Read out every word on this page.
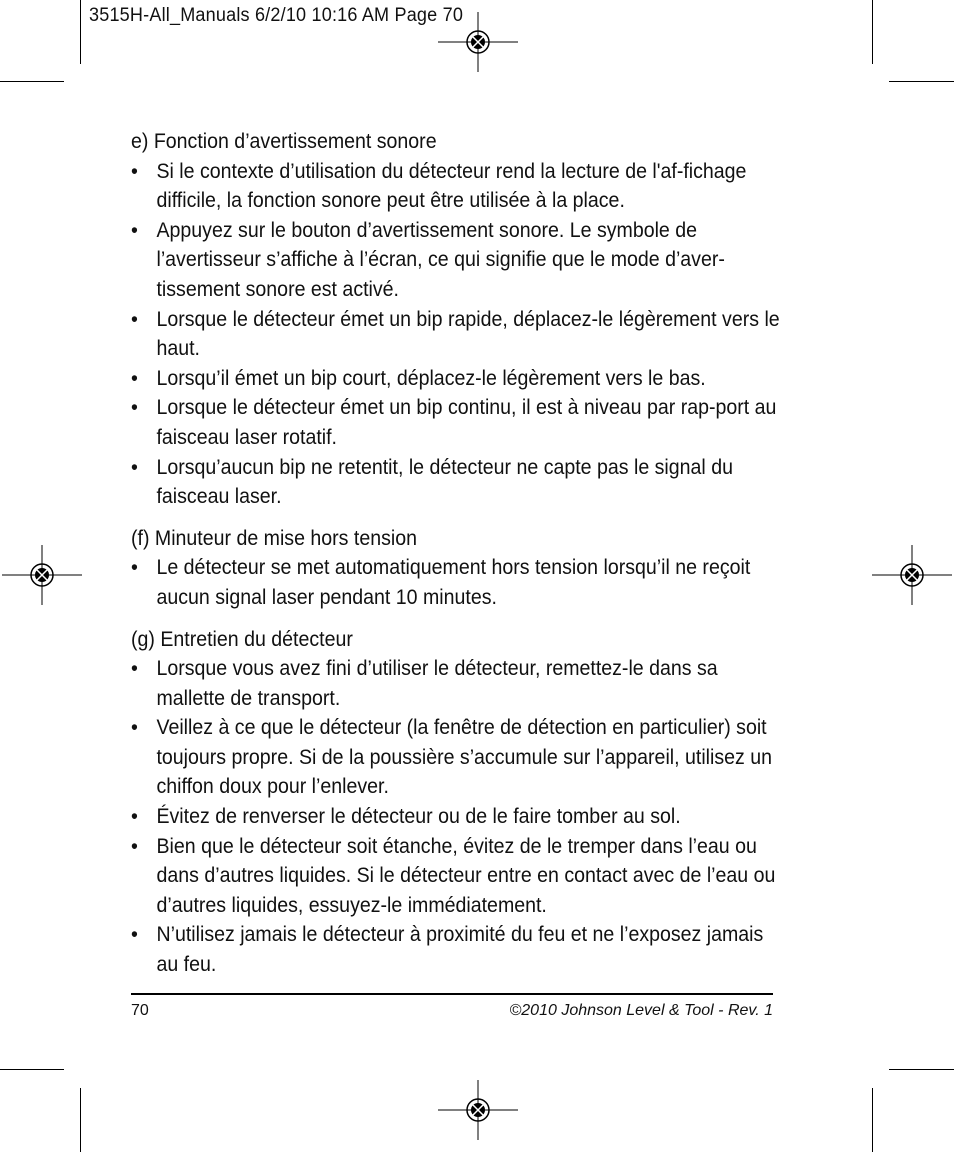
3515H-All_Manuals 6/2/10 10:16 AM Page 70

e) Fonction d’avertissement sonore

• Si le contexte d’utilisation du détecteur rend la lecture de l'af-fichage difficile, la fonction sonore peut être utilisée à la place.
• Appuyez sur le bouton d’avertissement sonore. Le symbole de l’avertisseur s’affiche à l’écran, ce qui signifie que le mode d’aver-tissement sonore est activé.
• Lorsque le détecteur émet un bip rapide, déplacez-le légèrement vers le haut.
• Lorsqu’il émet un bip court, déplacez-le légèrement vers le bas.
• Lorsque le détecteur émet un bip continu, il est à niveau par rap-port au faisceau laser rotatif.
• Lorsqu’aucun bip ne retentit, le détecteur ne capte pas le signal du faisceau laser.

(f) Minuteur de mise hors tension

• Le détecteur se met automatiquement hors tension lorsqu’il ne reçoit aucun signal laser pendant 10 minutes.

(g) Entretien du détecteur

• Lorsque vous avez fini d’utiliser le détecteur, remettez-le dans sa mallette de transport.
• Veillez à ce que le détecteur (la fenêtre de détection en particulier) soit toujours propre. Si de la poussière s’accumule sur l’appareil, utilisez un chiffon doux pour l’enlever.
• Évitez de renverser le détecteur ou de le faire tomber au sol.
• Bien que le détecteur soit étanche, évitez de le tremper dans l’eau ou dans d’autres liquides. Si le détecteur entre en contact avec de l’eau ou d’autres liquides, essuyez-le immédiatement.
• N’utilisez jamais le détecteur à proximité du feu et ne l’exposez jamais au feu.
70	©2010 Johnson Level & Tool - Rev. 1
